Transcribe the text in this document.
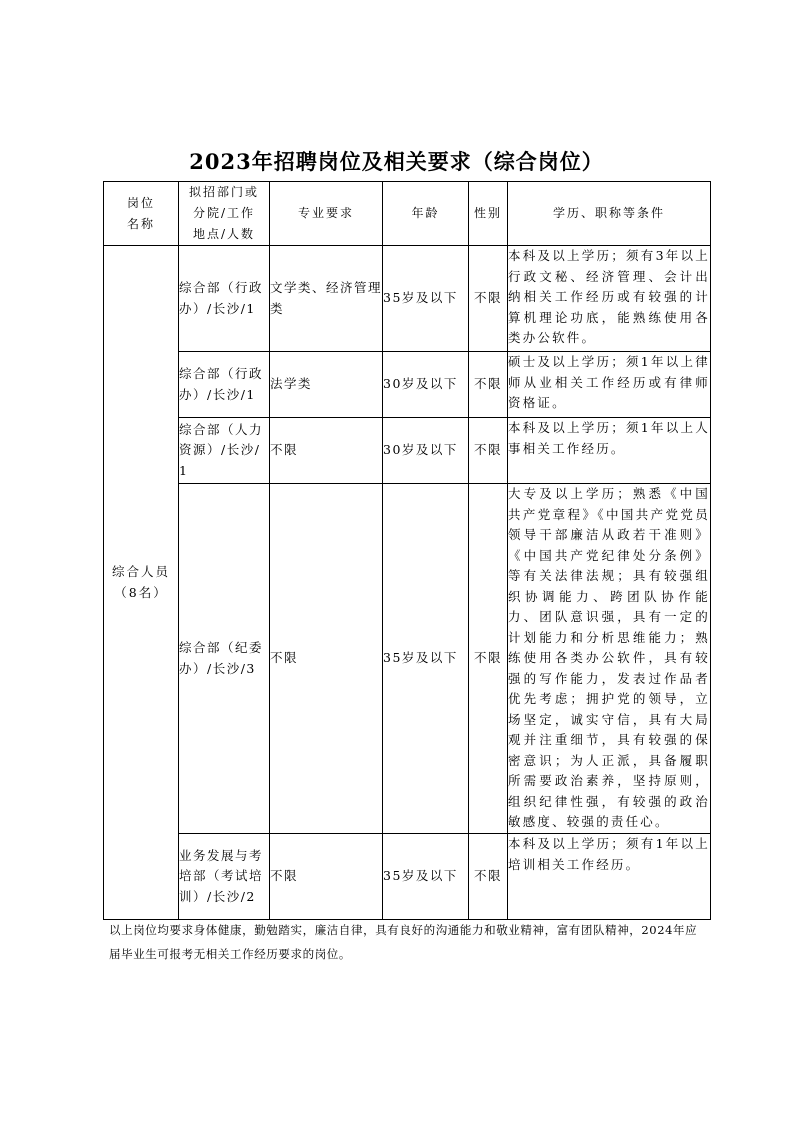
2023年招聘岗位及相关要求（综合岗位）
岗位名称	拟招部门或分院/工作地点/人数	专业要求	年龄	性别	学历、职称等条件

综合人员（8名）	综合部（行政办）/长沙/1	文学类、经济管理类	35岁及以下	不限	本科及以上学历；须有3年以上行政文秘、经济管理、会计出纳相关工作经历或有较强的计算机理论功底，能熟练使用各类办公软件。
	综合部（行政办）/长沙/1	法学类	30岁及以下	不限	硕士及以上学历；须1年以上律师从业相关工作经历或有律师资格证。
	综合部（人力资源）/长沙/1	不限	30岁及以下	不限	本科及以上学历；须1年以上人事相关工作经历。
	综合部（纪委办）/长沙/3	不限	35岁及以下	不限	大专及以上学历；熟悉《中国共产党章程》《中国共产党党员领导干部廉洁从政若干准则》《中国共产党纪律处分条例》等有关法律法规；具有较强组织协调能力、跨团队协作能力、团队意识强，具有一定的计划能力和分析思维能力；熟练使用各类办公软件，具有较强的写作能力，发表过作品者优先考虑；拥护党的领导，立场坚定，诚实守信，具有大局观并注重细节，具有较强的保密意识；为人正派，具备履职所需要政治素养，坚持原则，组织纪律性强，有较强的政治敏感度、较强的责任心。
	业务发展与考培部（考试培训）/长沙/2	不限	35岁及以下	不限	本科及以上学历；须有1年以上培训相关工作经历。
以上岗位均要求身体健康，勤勉踏实，廉洁自律，具有良好的沟通能力和敬业精神，富有团队精神，2024年应届毕业生可报考无相关工作经历要求的岗位。
